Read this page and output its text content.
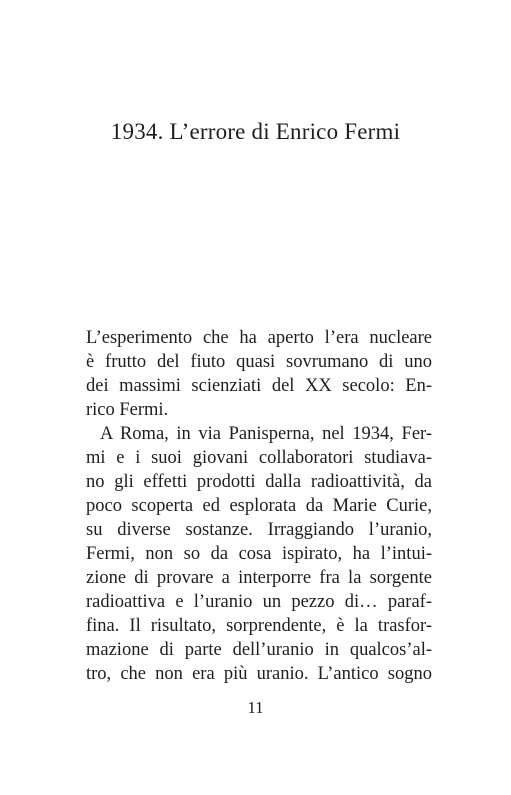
1934. L’errore di Enrico Fermi
L’esperimento che ha aperto l’era nucleare
è frutto del fiuto quasi sovrumano di uno
dei massimi scienziati del XX secolo: En-
rico Fermi.
A Roma, in via Panisperna, nel 1934, Fer-
mi e i suoi giovani collaboratori studiava-
no gli effetti prodotti dalla radioattività, da
poco scoperta ed esplorata da Marie Curie,
su diverse sostanze. Irraggiando l’uranio,
Fermi, non so da cosa ispirato, ha l’intui-
zione di provare a interporre fra la sorgente
radioattiva e l’uranio un pezzo di… paraf-
fina. Il risultato, sorprendente, è la trasfor-
mazione di parte dell’uranio in qualcos’al-
tro, che non era più uranio. L’antico sogno
11
